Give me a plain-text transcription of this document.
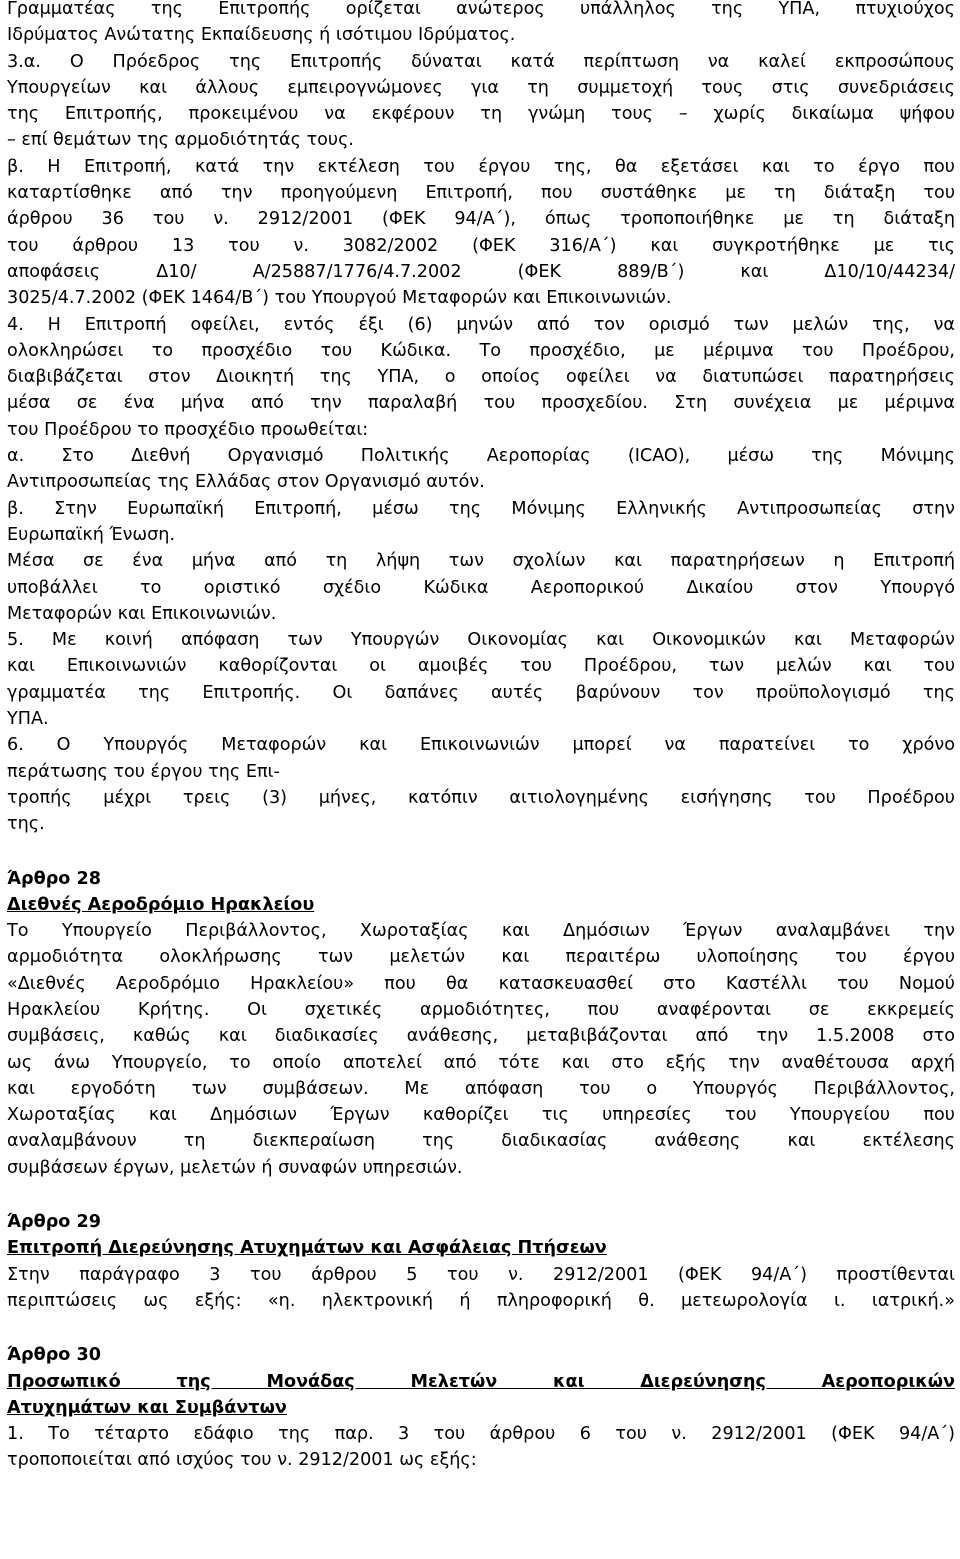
Γραμματέας της Επιτροπής ορίζεται ανώτερος υπάλληλος της ΥΠΑ, πτυχιούχος
Ιδρύματος Ανώτατης Εκπαίδευσης ή ισότιμου Ιδρύματος.
3.α. Ο Πρόεδρος της Επιτροπής δύναται κατά περίπτωση να καλεί εκπροσώπους
Υπουργείων και άλλους εμπειρογνώμονες για τη συμμετοχή τους στις συνεδριάσεις
της Επιτροπής, προκειμένου να εκφέρουν τη γνώμη τους – χωρίς δικαίωμα ψήφου
– επί θεμάτων της αρμοδιότητάς τους.
β. Η Επιτροπή, κατά την εκτέλεση του έργου της, θα εξετάσει και το έργο που
καταρτίσθηκε από την προηγούμενη Επιτροπή, που συστάθηκε με τη διάταξη του
άρθρου 36 του ν. 2912/2001 (ΦΕΚ 94/Α΄), όπως τροποποιήθηκε με τη διάταξη
του άρθρου 13 του ν. 3082/2002 (ΦΕΚ 316/Α΄) και συγκροτήθηκε με τις
αποφάσεις Δ10/ Α/25887/1776/4.7.2002 (ΦΕΚ 889/Β΄) και Δ10/10/44234/
3025/4.7.2002 (ΦΕΚ 1464/Β΄) του Υπουργού Μεταφορών και Επικοινωνιών.
4. Η Επιτροπή οφείλει, εντός έξι (6) μηνών από τον ορισμό των μελών της, να
ολοκληρώσει το προσχέδιο του Κώδικα. Το προσχέδιο, με μέριμνα του Προέδρου,
διαβιβάζεται στον Διοικητή της ΥΠΑ, ο οποίος οφείλει να διατυπώσει παρατηρήσεις
μέσα σε ένα μήνα από την παραλαβή του προσχεδίου. Στη συνέχεια με μέριμνα
του Προέδρου το προσχέδιο προωθείται:
α. Στο Διεθνή Οργανισμό Πολιτικής Αεροπορίας (ICAO), μέσω της Μόνιμης
Αντιπροσωπείας της Ελλάδας στον Οργανισμό αυτόν.
β. Στην Ευρωπαϊκή Επιτροπή, μέσω της Μόνιμης Ελληνικής Αντιπροσωπείας στην
Ευρωπαϊκή Ένωση.
Μέσα σε ένα μήνα από τη λήψη των σχολίων και παρατηρήσεων η Επιτροπή
υποβάλλει το οριστικό σχέδιο Κώδικα Αεροπορικού Δικαίου στον Υπουργό
Μεταφορών και Επικοινωνιών.
5. Με κοινή απόφαση των Υπουργών Οικονομίας και Οικονομικών και Μεταφορών
και Επικοινωνιών καθορίζονται οι αμοιβές του Προέδρου, των μελών και του
γραμματέα της Επιτροπής. Οι δαπάνες αυτές βαρύνουν τον προϋπολογισμό της
ΥΠΑ.
6. Ο Υπουργός Μεταφορών και Επικοινωνιών μπορεί να παρατείνει το χρόνο
περάτωσης του έργου της Επι-
τροπής μέχρι τρεις (3) μήνες, κατόπιν αιτιολογημένης εισήγησης του Προέδρου
της.
Άρθρο 28
Διεθνές Αεροδρόμιο Ηρακλείου
Το Υπουργείο Περιβάλλοντος, Χωροταξίας και Δημόσιων Έργων αναλαμβάνει την
αρμοδιότητα ολοκλήρωσης των μελετών και περαιτέρω υλοποίησης του έργου
«Διεθνές Αεροδρόμιο Ηρακλείου» που θα κατασκευασθεί στο Καστέλλι του Νομού
Ηρακλείου Κρήτης. Οι σχετικές αρμοδιότητες, που αναφέρονται σε εκκρεμείς
συμβάσεις, καθώς και διαδικασίες ανάθεσης, μεταβιβάζονται από την 1.5.2008 στο
ως άνω Υπουργείο, το οποίο αποτελεί από τότε και στο εξής την αναθέτουσα αρχή
και εργοδότη των συμβάσεων. Με απόφαση του ο Υπουργός Περιβάλλοντος,
Χωροταξίας και Δημόσιων Έργων καθορίζει τις υπηρεσίες του Υπουργείου που
αναλαμβάνουν τη διεκπεραίωση της διαδικασίας ανάθεσης και εκτέλεσης
συμβάσεων έργων, μελετών ή συναφών υπηρεσιών.
Άρθρο 29
Επιτροπή Διερεύνησης Ατυχημάτων και Ασφάλειας Πτήσεων
Στην παράγραφο 3 του άρθρου 5 του ν. 2912/2001 (ΦΕΚ 94/Α΄) προστίθενται
περιπτώσεις ως εξής: «η. ηλεκτρονική ή πληροφορική θ. μετεωρολογία ι. ιατρική.»
Άρθρο 30
Προσωπικό της Μονάδας Μελετών και Διερεύνησης Αεροπορικών
Ατυχημάτων και Συμβάντων
1. Το τέταρτο εδάφιο της παρ. 3 του άρθρου 6 του ν. 2912/2001 (ΦΕΚ 94/Α΄)
τροποποιείται από ισχύος του ν. 2912/2001 ως εξής:
